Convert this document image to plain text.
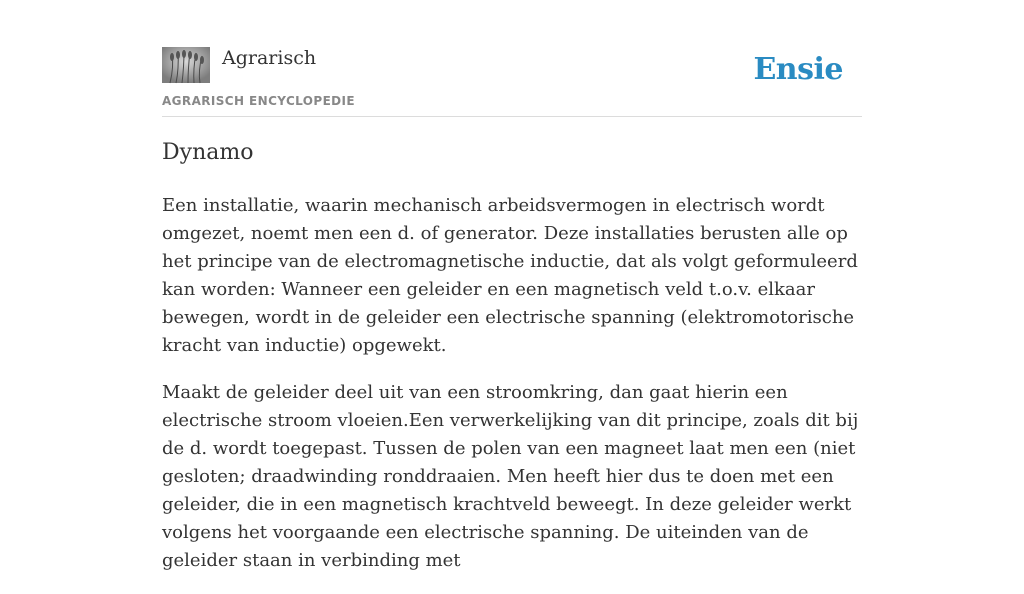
Agrarisch
AGRARISCH ENCYCLOPEDIE
Ensie
Dynamo

Een installatie, waarin mechanisch arbeidsvermogen in electrisch wordt omgezet, noemt men een d. of generator. Deze installaties berusten alle op het principe van de electromagnetische inductie, dat als volgt geformuleerd kan worden: Wanneer een geleider en een magnetisch veld t.o.v. elkaar bewegen, wordt in de geleider een electrische spanning (elektromotorische kracht van inductie) opgewekt.

Maakt de geleider deel uit van een stroomkring, dan gaat hierin een electrische stroom vloeien.Een verwerkelijking van dit principe, zoals dit bij de d. wordt toegepast. Tussen de polen van een magneet laat men een (niet gesloten; draadwinding ronddraaien. Men heeft hier dus te doen met een geleider, die in een magnetisch krachtveld beweegt. In deze geleider werkt volgens het voorgaande een electrische spanning. De uiteinden van de geleider staan in verbinding met
